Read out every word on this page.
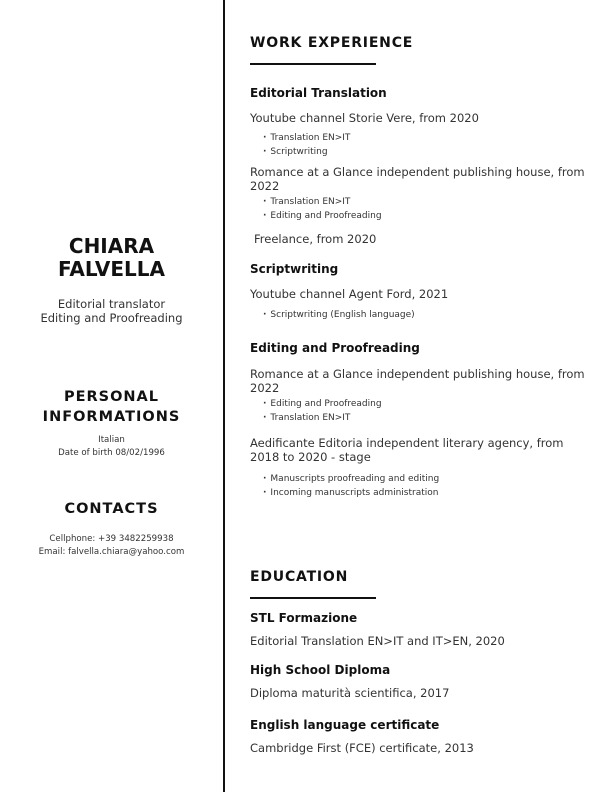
CHIARA
FALVELLA
Editorial translator
Editing and Proofreading
PERSONAL
INFORMATIONS
Italian
Date of birth 08/02/1996
CONTACTS
Cellphone: +39 3482259938
Email: falvella.chiara@yahoo.com
WORK EXPERIENCE
Editorial Translation
Youtube channel Storie Vere, from 2020
· Translation EN>IT
· Scriptwriting
Romance at a Glance independent publishing house, from 2022
· Translation EN>IT
· Editing and Proofreading
Freelance, from 2020
Scriptwriting
Youtube channel Agent Ford, 2021
· Scriptwriting (English language)
Editing and Proofreading
Romance at a Glance independent publishing house, from 2022
· Editing and Proofreading
· Translation EN>IT
Aedificante Editoria independent literary agency, from 2018 to 2020 - stage
· Manuscripts proofreading and editing
· Incoming manuscripts administration
EDUCATION
STL Formazione
Editorial Translation EN>IT and IT>EN, 2020
High School Diploma
Diploma maturità scientifica, 2017
English language certificate
Cambridge First (FCE) certificate, 2013
